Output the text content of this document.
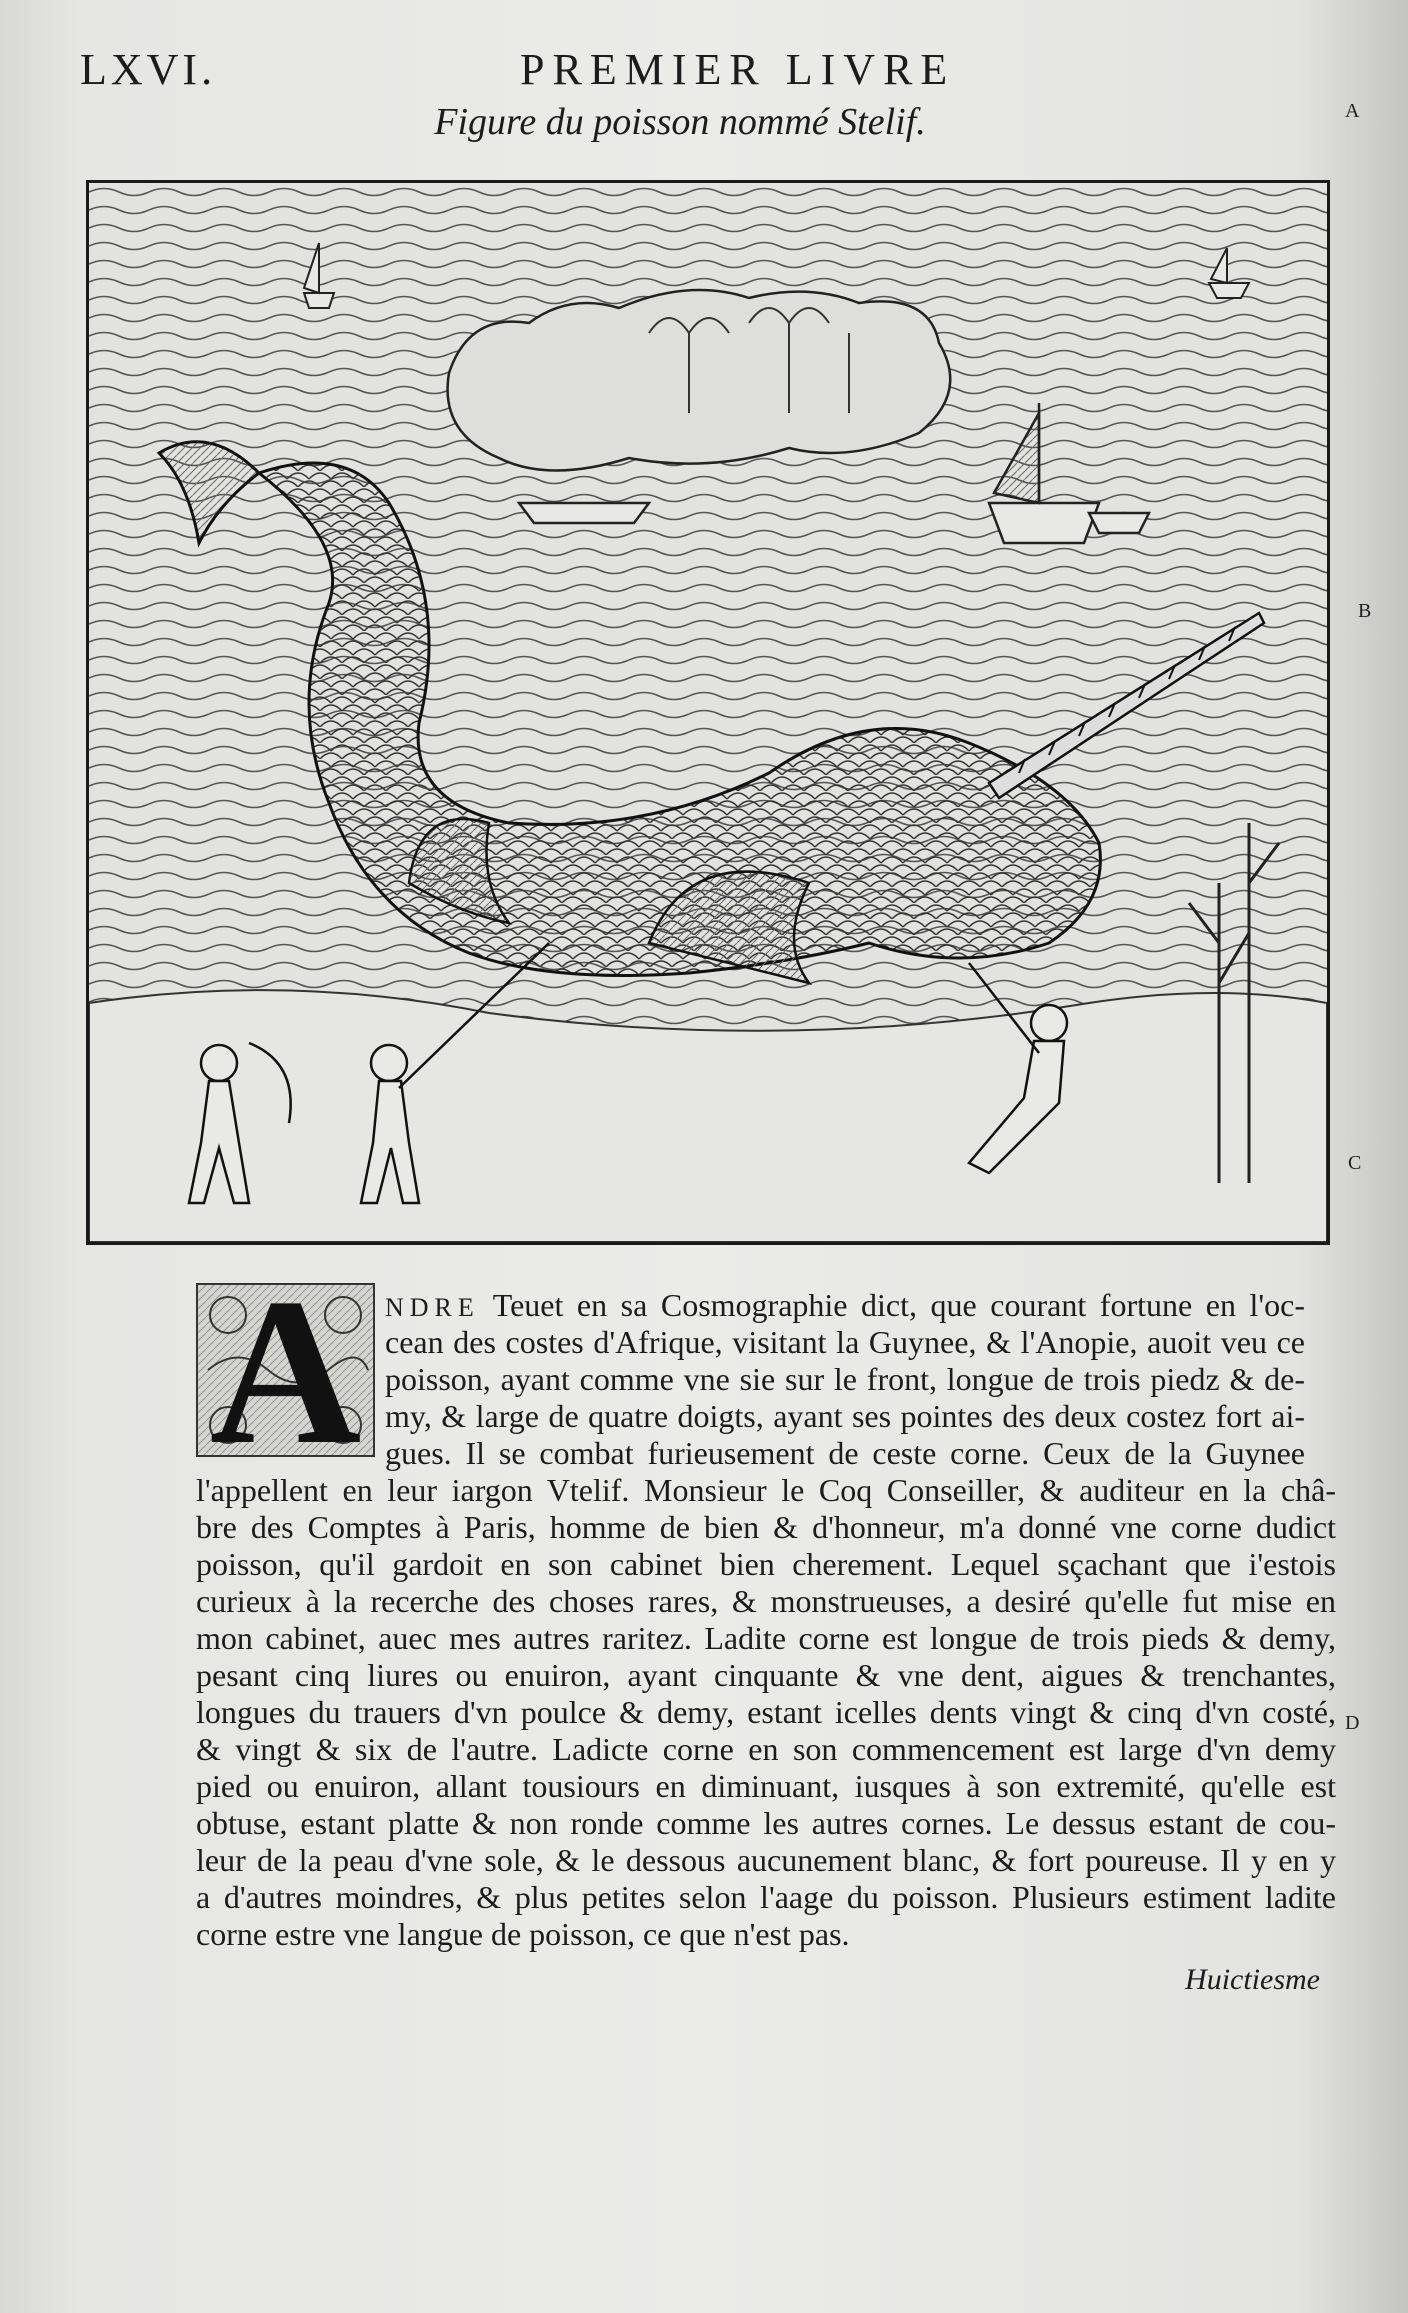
LXVI.	PREMIER LIVRE
Figure du poisson nommé Stelif.	A
B
C
D
A NDRE Teuet en sa Cosmographie dict, que courant fortune en l'oc-
cean des costes d'Afrique, visitant la Guynee, & l'Anopie, auoit veu ce
poisson, ayant comme vne sie sur le front, longue de trois piedz & de-
my, & large de quatre doigts, ayant ses pointes des deux costez fort ai-
gues. Il se combat furieusement de ceste corne. Ceux de la Guynee
l'appellent en leur iargon Vtelif. Monsieur le Coq Conseiller, & auditeur en la châ-
bre des Comptes à Paris, homme de bien & d'honneur, m'a donné vne corne dudict
poisson, qu'il gardoit en son cabinet bien cherement. Lequel sçachant que i'estois
curieux à la recerche des choses rares, & monstrueuses, a desiré qu'elle fut mise en
mon cabinet, auec mes autres raritez. Ladite corne est longue de trois pieds & demy,
pesant cinq liures ou enuiron, ayant cinquante & vne dent, aigues & trenchantes,
longues du trauers d'vn poulce & demy, estant icelles dents vingt & cinq d'vn costé,
& vingt & six de l'autre. Ladicte corne en son commencement est large d'vn demy
pied ou enuiron, allant tousiours en diminuant, iusques à son extremité, qu'elle est
obtuse, estant platte & non ronde comme les autres cornes. Le dessus estant de cou-
leur de la peau d'vne sole, & le dessous aucunement blanc, & fort poureuse. Il y en y
a d'autres moindres, & plus petites selon l'aage du poisson. Plusieurs estiment ladite
corne estre vne langue de poisson, ce que n'est pas.
Huictiesme
